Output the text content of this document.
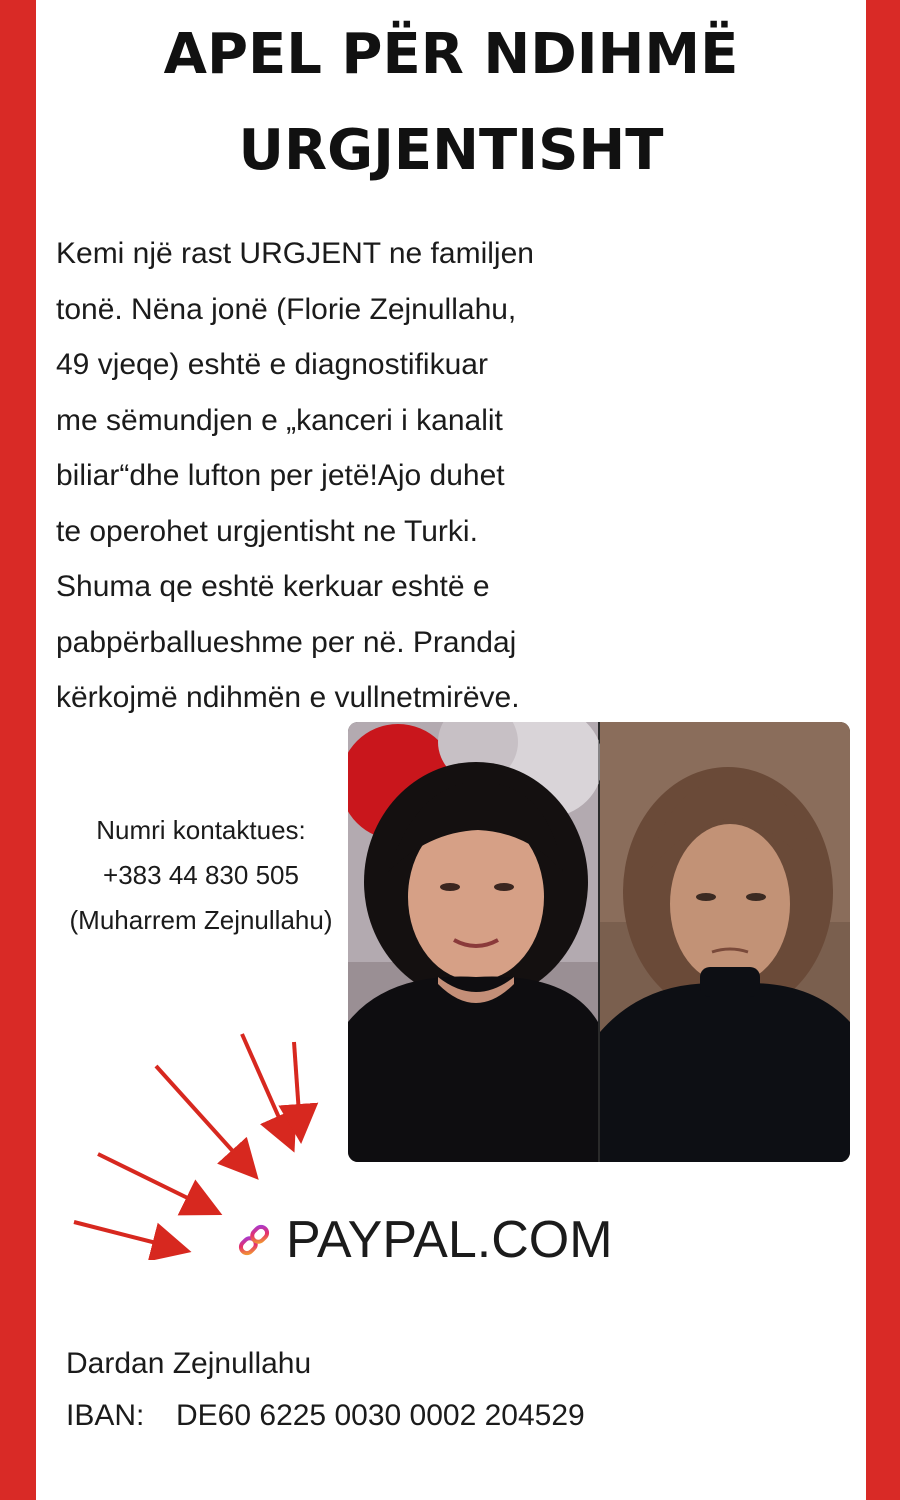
APEL PËR NDIHMË
URGJENTISHT
Kemi një rast URGJENT ne familjen
tonë. Nëna jonë (Florie Zejnullahu,
49 vjeqe) eshtë e diagnostifikuar
me sëmundjen e „kanceri i kanalit
biliar“dhe lufton per jetë!Ajo duhet
te operohet urgjentisht ne Turki.
Shuma qe eshtë kerkuar eshtë e
pabpërballueshme per në. Prandaj
kërkojmë ndihmën e vullnetmirëve.
Numri kontaktues:
+383 44 830 505
(Muharrem Zejnullahu)
PAYPAL.COM
Dardan Zejnullahu
IBAN: DE60 6225 0030 0002 204529
